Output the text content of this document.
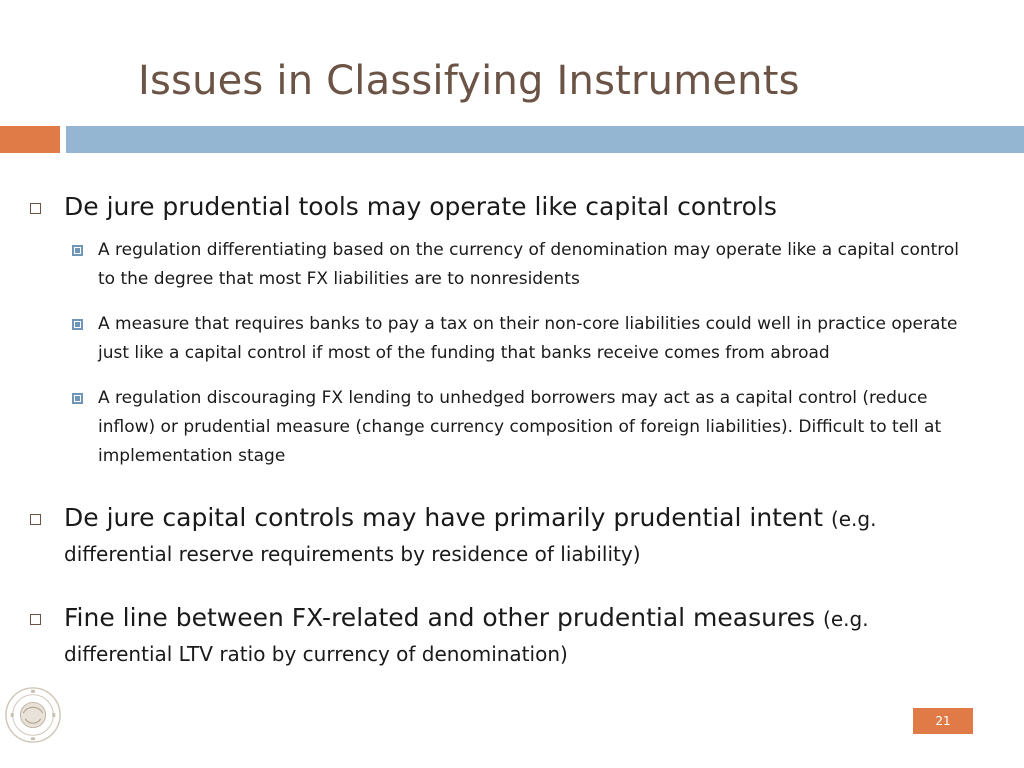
Issues in Classifying Instruments
De jure prudential tools may operate like capital controls
A regulation differentiating based on the currency of denomination may operate like a capital control to the degree that most FX liabilities are to nonresidents
A measure that requires banks to pay a tax on their non-core liabilities could well in practice operate just like a capital control if most of the funding that banks receive comes from abroad
A regulation discouraging FX lending to unhedged borrowers may act as a capital control (reduce inflow) or prudential measure (change currency composition of foreign liabilities). Difficult to tell at implementation stage
De jure capital controls may have primarily prudential intent (e.g. differential reserve requirements by residence of liability)
Fine line between FX-related and other prudential measures (e.g. differential LTV ratio by currency of denomination)
21
